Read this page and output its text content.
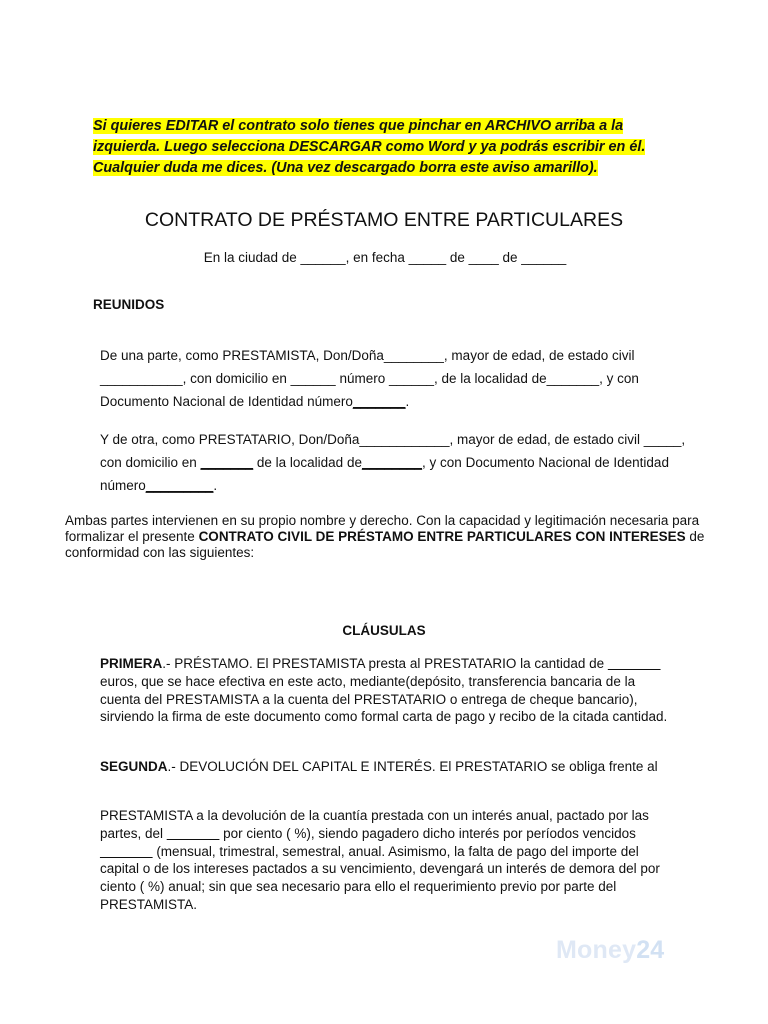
Si quieres EDITAR el contrato solo tienes que pinchar en ARCHIVO arriba a la izquierda. Luego selecciona DESCARGAR como Word y ya podrás escribir en él. Cualquier duda me dices. (Una vez descargado borra este aviso amarillo).
CONTRATO DE PRÉSTAMO ENTRE PARTICULARES
En la ciudad de ______, en fecha _____ de ____ de ______
REUNIDOS
De una parte, como PRESTAMISTA, Don/Doña________, mayor de edad, de estado civil ___________, con domicilio en ______ número ______, de la localidad de_______, y con Documento Nacional de Identidad número_______.
Y de otra, como PRESTATARIO, Don/Doña____________, mayor de edad, de estado civil _____, con domicilio en _______ de la localidad de________, y con Documento Nacional de Identidad número_________.
Ambas partes intervienen en su propio nombre y derecho. Con la capacidad y legitimación necesaria para formalizar el presente CONTRATO CIVIL DE PRÉSTAMO ENTRE PARTICULARES CON INTERESES de conformidad con las siguientes:
CLÁUSULAS
PRIMERA.- PRÉSTAMO. El PRESTAMISTA presta al PRESTATARIO la cantidad de _______ euros, que se hace efectiva en este acto, mediante(depósito, transferencia bancaria de la cuenta del PRESTAMISTA a la cuenta del PRESTATARIO o entrega de cheque bancario), sirviendo la firma de este documento como formal carta de pago y recibo de la citada cantidad.
SEGUNDA.- DEVOLUCIÓN DEL CAPITAL E INTERÉS. El PRESTATARIO se obliga frente al
PRESTAMISTA a la devolución de la cuantía prestada con un interés anual, pactado por las partes, del _______ por ciento ( %), siendo pagadero dicho interés por períodos vencidos _______ (mensual, trimestral, semestral, anual. Asimismo, la falta de pago del importe del capital o de los intereses pactados a su vencimiento, devengará un interés de demora del por ciento ( %) anual; sin que sea necesario para ello el requerimiento previo por parte del PRESTAMISTA.
Money24
